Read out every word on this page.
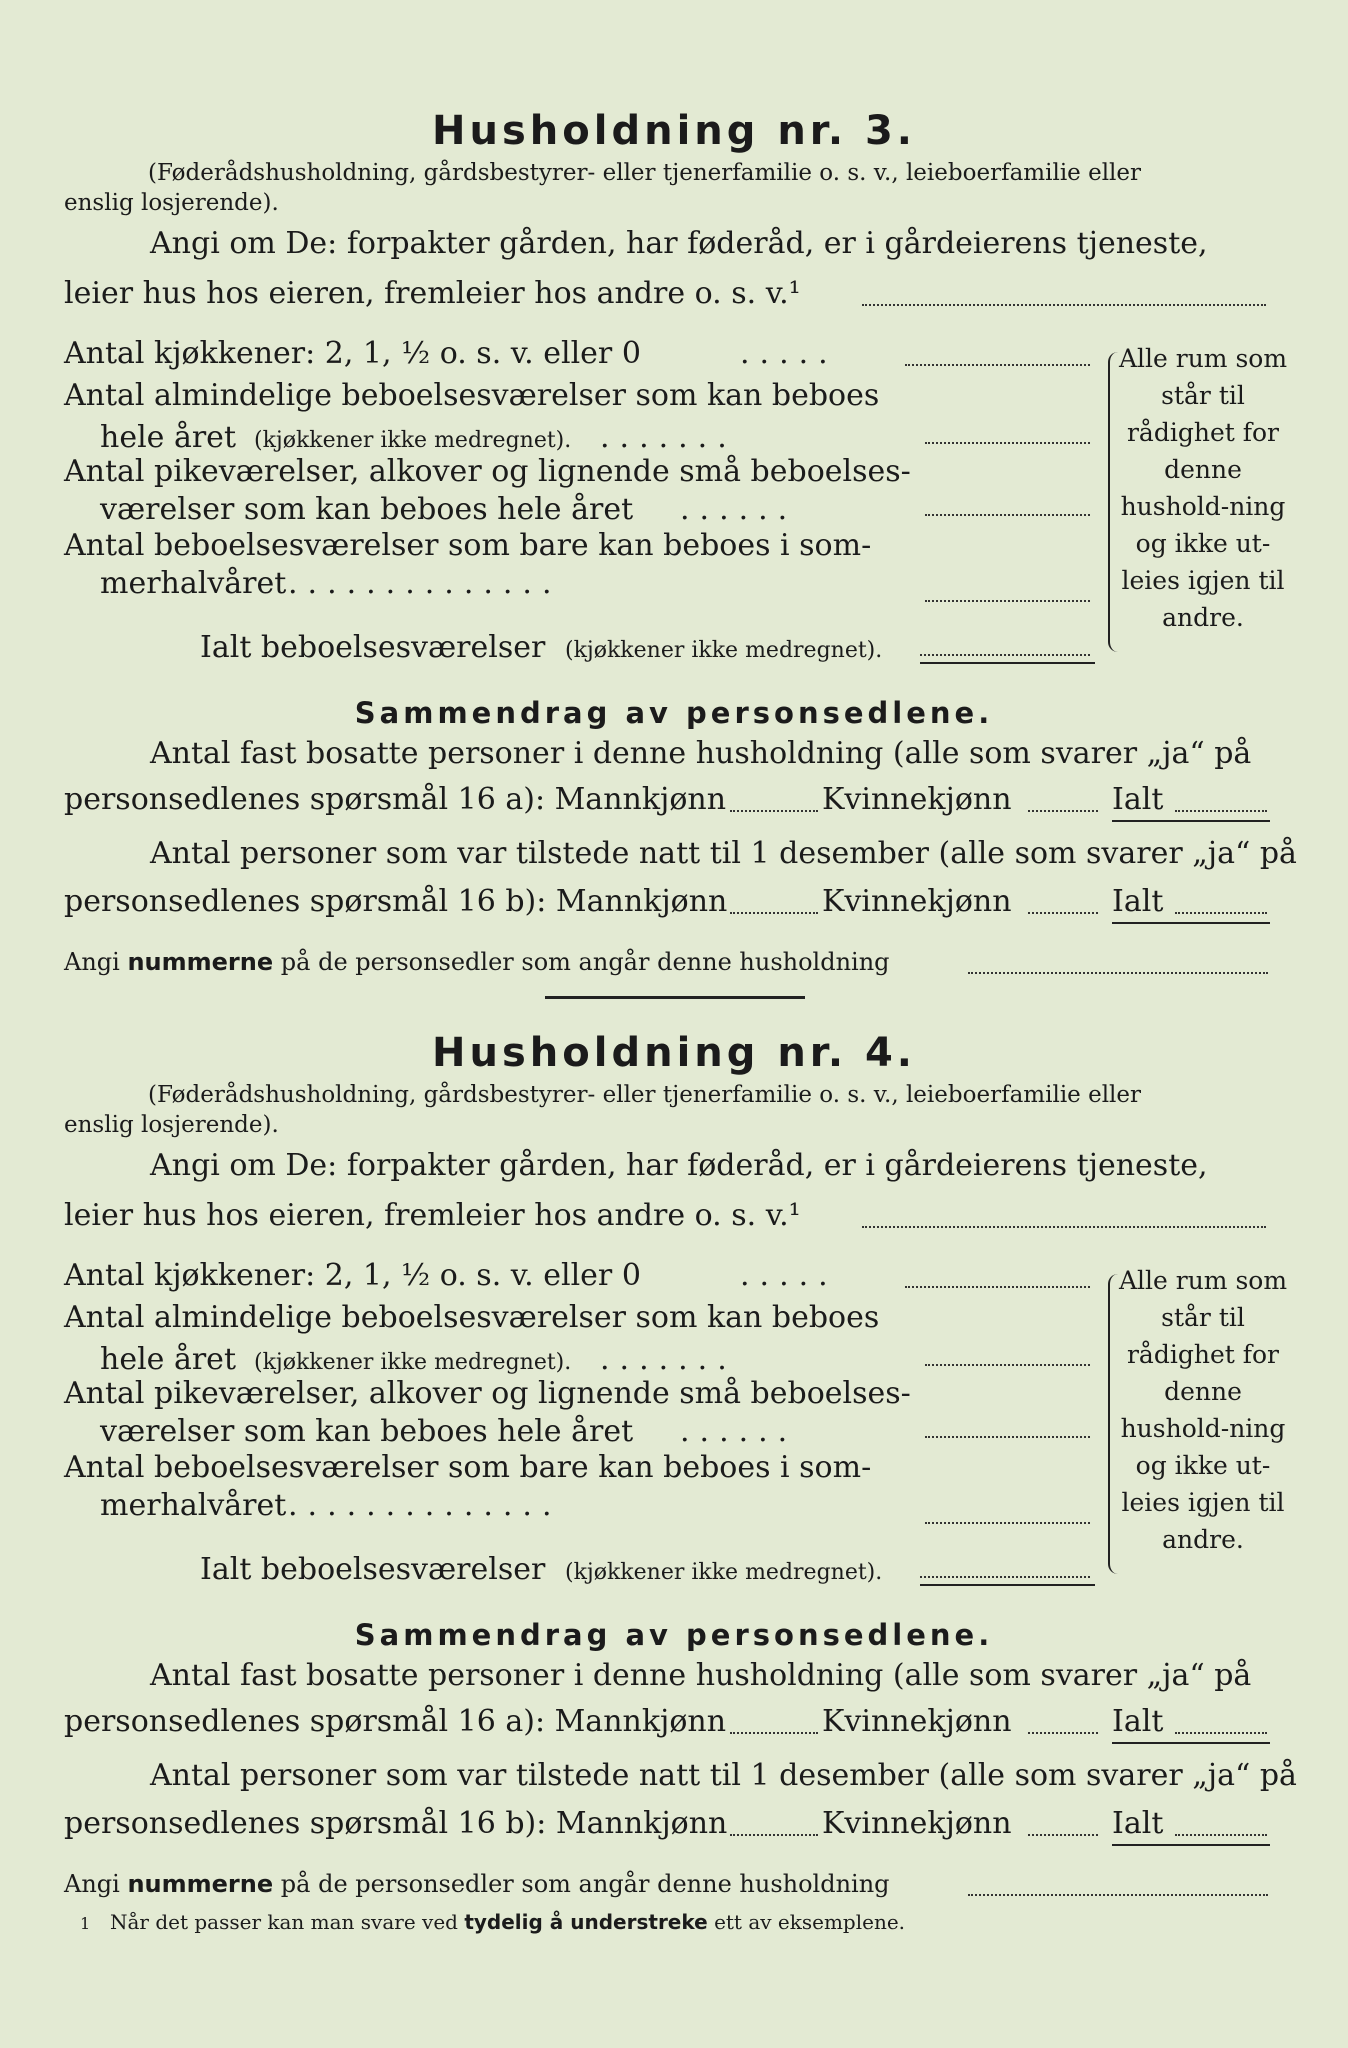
Husholdning nr. 3.
(Føderådshusholdning, gårdsbestyrer- eller tjenerfamilie o. s. v., leieboerfamilie eller
enslig losjerende).
Angi om De: forpakter gården, har føderåd, er i gårdeierens tjeneste,
leier hus hos eieren, fremleier hos andre o. s. v.¹
Antal kjøkkener: 2, 1, ½ o. s. v. eller 0	.....
Antal almindelige beboelsesværelser som kan beboes
hele året (kjøkkener ikke medregnet). .......
Antal pikeværelser, alkover og lignende små beboelses-
værelser som kan beboes hele året ......
Antal beboelsesværelser som bare kan beboes i som-
merhalvåret ..............
Ialt beboelsesværelser (kjøkkener ikke medregnet).
Alle rum som står til rådighet for denne hushold-ning og ikke ut-leies igjen til andre.
Sammendrag av personsedlene.
Antal fast bosatte personer i denne husholdning (alle som svarer „ja“ på
personsedlenes spørsmål 16 a): Mannkjønn	Kvinnekjønn	Ialt
Antal personer som var tilstede natt til 1 desember (alle som svarer „ja“ på
personsedlenes spørsmål 16 b): Mannkjønn	Kvinnekjønn	Ialt
Angi nummerne på de personsedler som angår denne husholdning
Husholdning nr. 4.
(Føderådshusholdning, gårdsbestyrer- eller tjenerfamilie o. s. v., leieboerfamilie eller
enslig losjerende).
Angi om De: forpakter gården, har føderåd, er i gårdeierens tjeneste,
leier hus hos eieren, fremleier hos andre o. s. v.¹
Antal kjøkkener: 2, 1, ½ o. s. v. eller 0	.....
Antal almindelige beboelsesværelser som kan beboes
hele året (kjøkkener ikke medregnet). .......
Antal pikeværelser, alkover og lignende små beboelses-
værelser som kan beboes hele året ......
Antal beboelsesværelser som bare kan beboes i som-
merhalvåret ..............
Ialt beboelsesværelser (kjøkkener ikke medregnet).
Alle rum som står til rådighet for denne hushold-ning og ikke ut-leies igjen til andre.
Sammendrag av personsedlene.
Antal fast bosatte personer i denne husholdning (alle som svarer „ja“ på
personsedlenes spørsmål 16 a): Mannkjønn	Kvinnekjønn	Ialt
Antal personer som var tilstede natt til 1 desember (alle som svarer „ja“ på
personsedlenes spørsmål 16 b): Mannkjønn	Kvinnekjønn	Ialt
Angi nummerne på de personsedler som angår denne husholdning
1 Når det passer kan man svare ved tydelig å understreke ett av eksemplene.
